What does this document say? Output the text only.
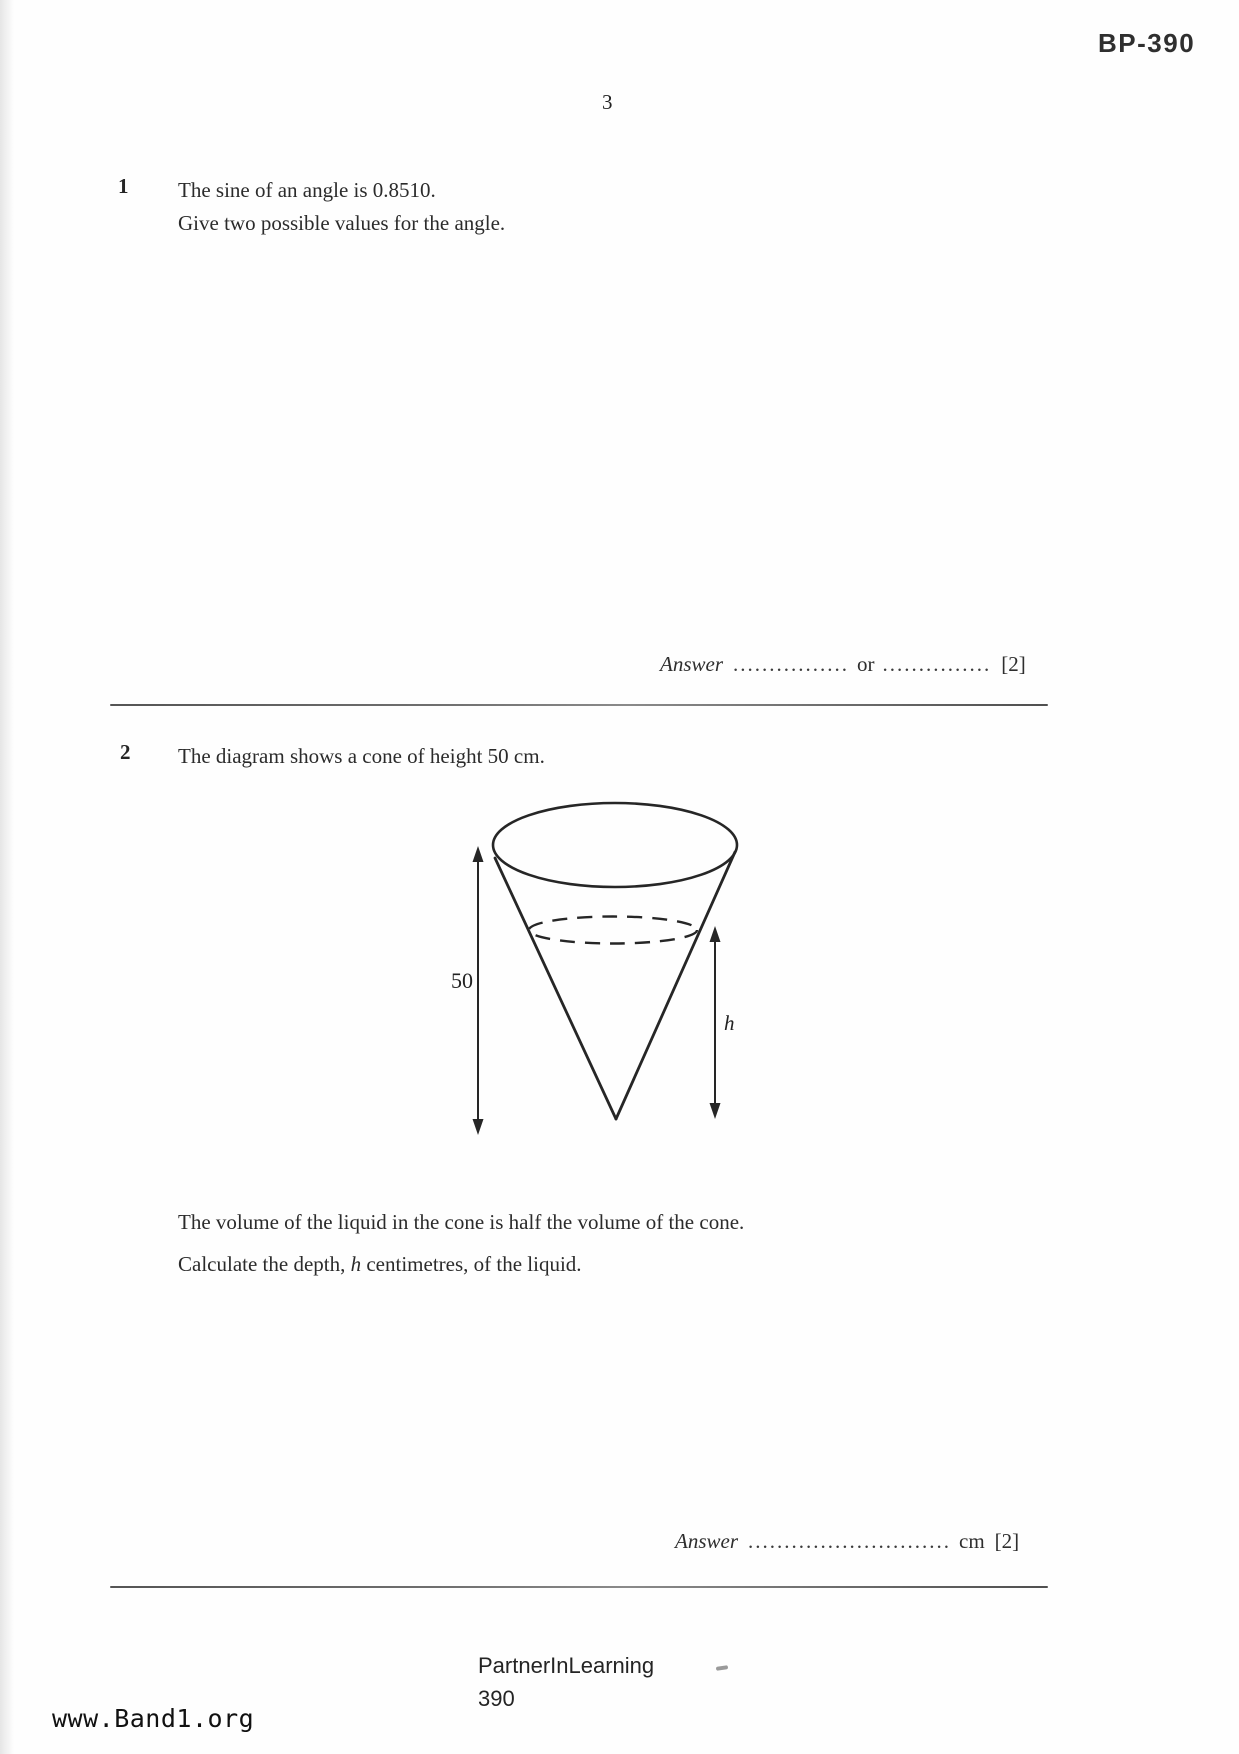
BP-390
3
1 The sine of an angle is 0.8510.
Give two possible values for the angle.
Answer ................ or ............... [2]
2 The diagram shows a cone of height 50 cm.
50
h
The volume of the liquid in the cone is half the volume of the cone.
Calculate the depth, h centimetres, of the liquid.
Answer ............................ cm [2]
PartnerInLearning
390
www.Band1.org
